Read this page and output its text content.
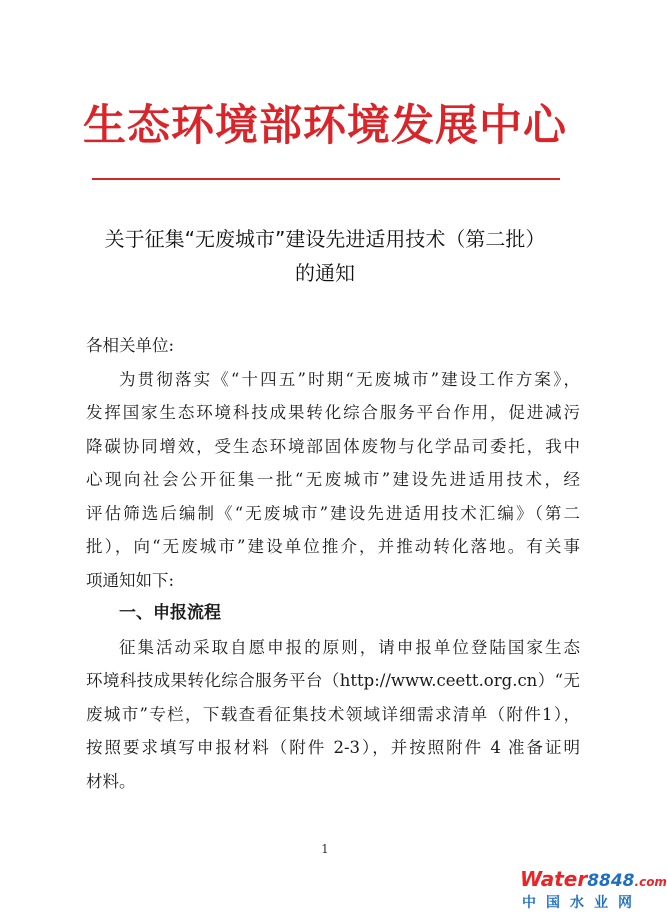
生态环境部环境发展中心
关于征集“无废城市”建设先进适用技术（第二批）
的通知

各相关单位:

为贯彻落实《“十四五”时期“无废城市”建设工作方案》，
发挥国家生态环境科技成果转化综合服务平台作用，促进减污
降碳协同增效，受生态环境部固体废物与化学品司委托，我中
心现向社会公开征集一批“无废城市”建设先进适用技术，经
评估筛选后编制《“无废城市”建设先进适用技术汇编》（第二
批），向“无废城市”建设单位推介，并推动转化落地。有关事
项通知如下:

一、申报流程

征集活动采取自愿申报的原则，请申报单位登陆国家生态
环境科技成果转化综合服务平台（http://www.ceett.org.cn）“无
废城市”专栏，下载查看征集技术领域详细需求清单（附件1），
按照要求填写申报材料（附件 2-3），并按照附件 4 准备证明
材料。

1
Water8848.com
中国水业网
